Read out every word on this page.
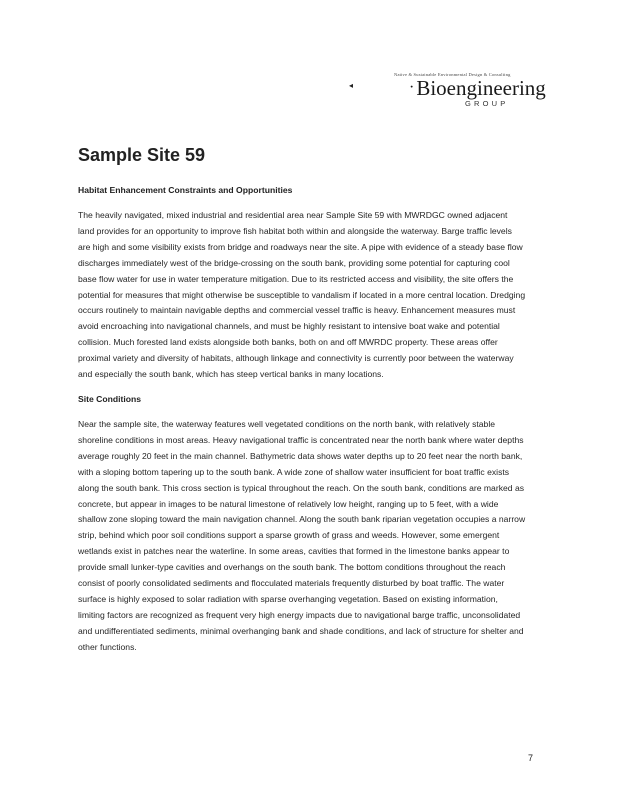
Native & Sustainable Environmental Design & Consulting
◂	·Bioengineering
GROUP
Sample Site 59
Habitat Enhancement Constraints and Opportunities

The heavily navigated, mixed industrial and residential area near Sample Site 59 with MWRDGC owned adjacent land provides for an opportunity to improve fish habitat both within and alongside the waterway. Barge traffic levels are high and some visibility exists from bridge and roadways near the site. A pipe with evidence of a steady base flow discharges immediately west of the bridge-crossing on the south bank, providing some potential for capturing cool base flow water for use in water temperature mitigation. Due to its restricted access and visibility, the site offers the potential for measures that might otherwise be susceptible to vandalism if located in a more central location. Dredging occurs routinely to maintain navigable depths and commercial vessel traffic is heavy. Enhancement measures must avoid encroaching into navigational channels, and must be highly resistant to intensive boat wake and potential collision. Much forested land exists alongside both banks, both on and off MWRDC property. These areas offer proximal variety and diversity of habitats, although linkage and connectivity is currently poor between the waterway and especially the south bank, which has steep vertical banks in many locations.

Site Conditions

Near the sample site, the waterway features well vegetated conditions on the north bank, with relatively stable shoreline conditions in most areas. Heavy navigational traffic is concentrated near the north bank where water depths average roughly 20 feet in the main channel. Bathymetric data shows water depths up to 20 feet near the north bank, with a sloping bottom tapering up to the south bank. A wide zone of shallow water insufficient for boat traffic exists along the south bank. This cross section is typical throughout the reach. On the south bank, conditions are marked as concrete, but appear in images to be natural limestone of relatively low height, ranging up to 5 feet, with a wide shallow zone sloping toward the main navigation channel. Along the south bank riparian vegetation occupies a narrow strip, behind which poor soil conditions support a sparse growth of grass and weeds. However, some emergent wetlands exist in patches near the waterline. In some areas, cavities that formed in the limestone banks appear to provide small lunker-type cavities and overhangs on the south bank. The bottom conditions throughout the reach consist of poorly consolidated sediments and flocculated materials frequently disturbed by boat traffic. The water surface is highly exposed to solar radiation with sparse overhanging vegetation. Based on existing information, limiting factors are recognized as frequent very high energy impacts due to navigational barge traffic, unconsolidated and undifferentiated sediments, minimal overhanging bank and shade conditions, and lack of structure for shelter and other functions.

7
